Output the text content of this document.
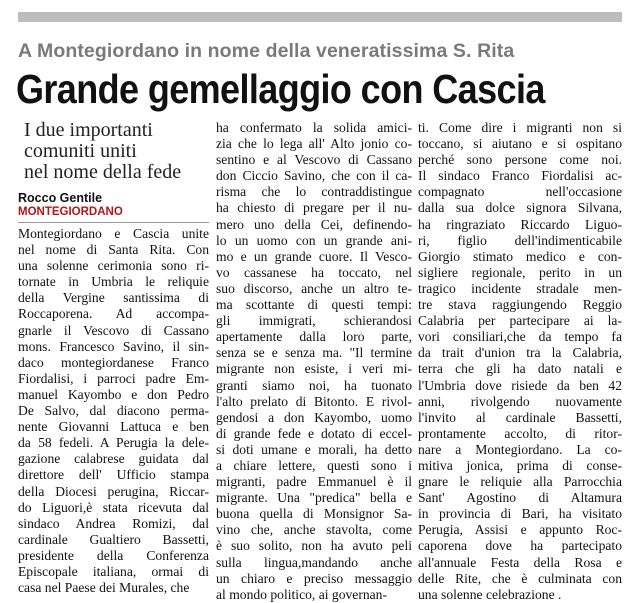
A Montegiordano in nome della veneratissima S. Rita
Grande gemellaggio con Cascia
I due importanti
comuniti uniti
nel nome della fede
Rocco Gentile
MONTEGIORDANO
Montegiordano e Cascia unite
nel nome di Santa Rita. Con
una solenne cerimonia sono ri-
tornate in Umbria le reliquie
della Vergine santissima di
Roccaporena. Ad accompa-
gnarle il Vescovo di Cassano
mons. Francesco Savino, il sin-
daco montegiordanese Franco
Fiordalisi, i parroci padre Em-
manuel Kayombo e don Pedro
De Salvo, dal diacono perma-
nente Giovanni Lattuca e ben
da 58 fedeli. A Perugia la dele-
gazione calabrese guidata dal
direttore dell' Ufficio stampa
della Diocesi perugina, Riccar-
do Liguori,è stata ricevuta dal
sindaco Andrea Romizi, dal
cardinale Gualtiero Bassetti,
presidente della Conferenza
Episcopale italiana, ormai di
casa nel Paese dei Murales, che
ha confermato la solida amici-
zia che lo lega all' Alto jonio co-
sentino e al Vescovo di Cassano
don Ciccio Savino, che con il ca-
risma che lo contraddistingue
ha chiesto di pregare per il nu-
mero uno della Cei, definendo-
lo un uomo con un grande ani-
mo e un grande cuore. Il Vesco-
vo cassanese ha toccato, nel
suo discorso, anche un altro te-
ma scottante di questi tempi:
gli immigrati, schierandosi
apertamente dalla loro parte,
senza se e senza ma. "Il termine
migrante non esiste, i veri mi-
granti siamo noi, ha tuonato
l'alto prelato di Bitonto. E rivol-
gendosi a don Kayombo, uomo
di grande fede e dotato di eccel-
si doti umane e morali, ha detto
a chiare lettere, questi sono i
migranti, padre Emmanuel è il
migrante. Una "predica" bella e
buona quella di Monsignor Sa-
vino che, anche stavolta, come
è suo solito, non ha avuto peli
sulla lingua,mandando anche
un chiaro e preciso messaggio
al mondo politico, ai governan-
ti. Come dire i migranti non si
toccano, si aiutano e si ospitano
perché sono persone come noi.
Il sindaco Franco Fiordalisi ac-
compagnato nell'occasione
dalla sua dolce signora Silvana,
ha ringraziato Riccardo Liguo-
ri, figlio dell'indimenticabile
Giorgio stimato medico e con-
sigliere regionale, perito in un
tragico incidente stradale men-
tre stava raggiungendo Reggio
Calabria per partecipare ai la-
vori consiliari,che da tempo fa
da trait d'union tra la Calabria,
terra che gli ha dato natali e
l'Umbria dove risiede da ben 42
anni, rivolgendo nuovamente
l'invito al cardinale Bassetti,
prontamente accolto, di ritor-
nare a Montegiordano. La co-
mitiva jonica, prima di conse-
gnare le reliquie alla Parrocchia
Sant' Agostino di Altamura
in provincia di Bari, ha visitato
Perugia, Assisi e appunto Roc-
caporena dove ha partecipato
all'annuale Festa della Rosa e
delle Rite, che è culminata con
una solenne celebrazione .
